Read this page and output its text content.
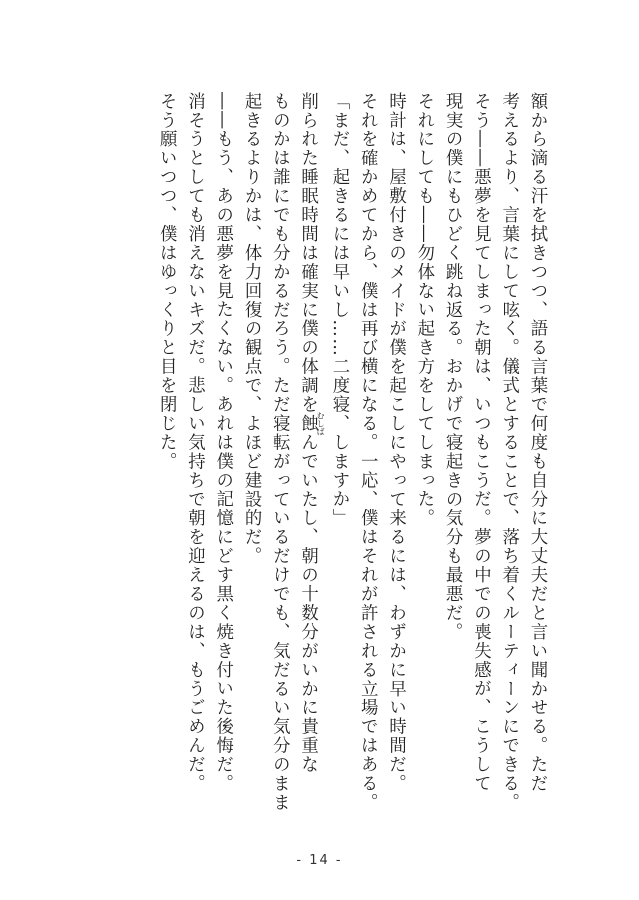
額から滴る汗を拭きつつ、語る言葉で何度も自分に大丈夫だと言い聞かせる。ただ

考えるより、言葉にして呟く。儀式とすることで、落ち着くルーティーンにできる。

そう――悪夢を見てしまった朝は、いつもこうだ。夢の中での喪失感が、こうして

現実の僕にもひどく跳ね返る。おかげで寝起きの気分も最悪だ。

それにしても――勿体ない起き方をしてしまった。

時計は、屋敷付きのメイドが僕を起こしにやって来るには、わずかに早い時間だ。

それを確かめてから、僕は再び横になる。一応、僕はそれが許される立場ではある。

「まだ、起きるには早いし……二度寝、しますか」

削られた睡眠時間は確実に僕の体調を蝕むしばんでいたし、朝の十数分がいかに貴重な

ものかは誰にでも分かるだろう。ただ寝転がっているだけでも、気だるい気分のまま

起きるよりかは、体力回復の観点で、よほど建設的だ。

――もう、あの悪夢を見たくない。あれは僕の記憶にどす黒く焼き付いた後悔だ。

消そうとしても消えないキズだ。悲しい気持ちで朝を迎えるのは、もうごめんだ。

そう願いつつ、僕はゆっくりと目を閉じた。

- 14 -
